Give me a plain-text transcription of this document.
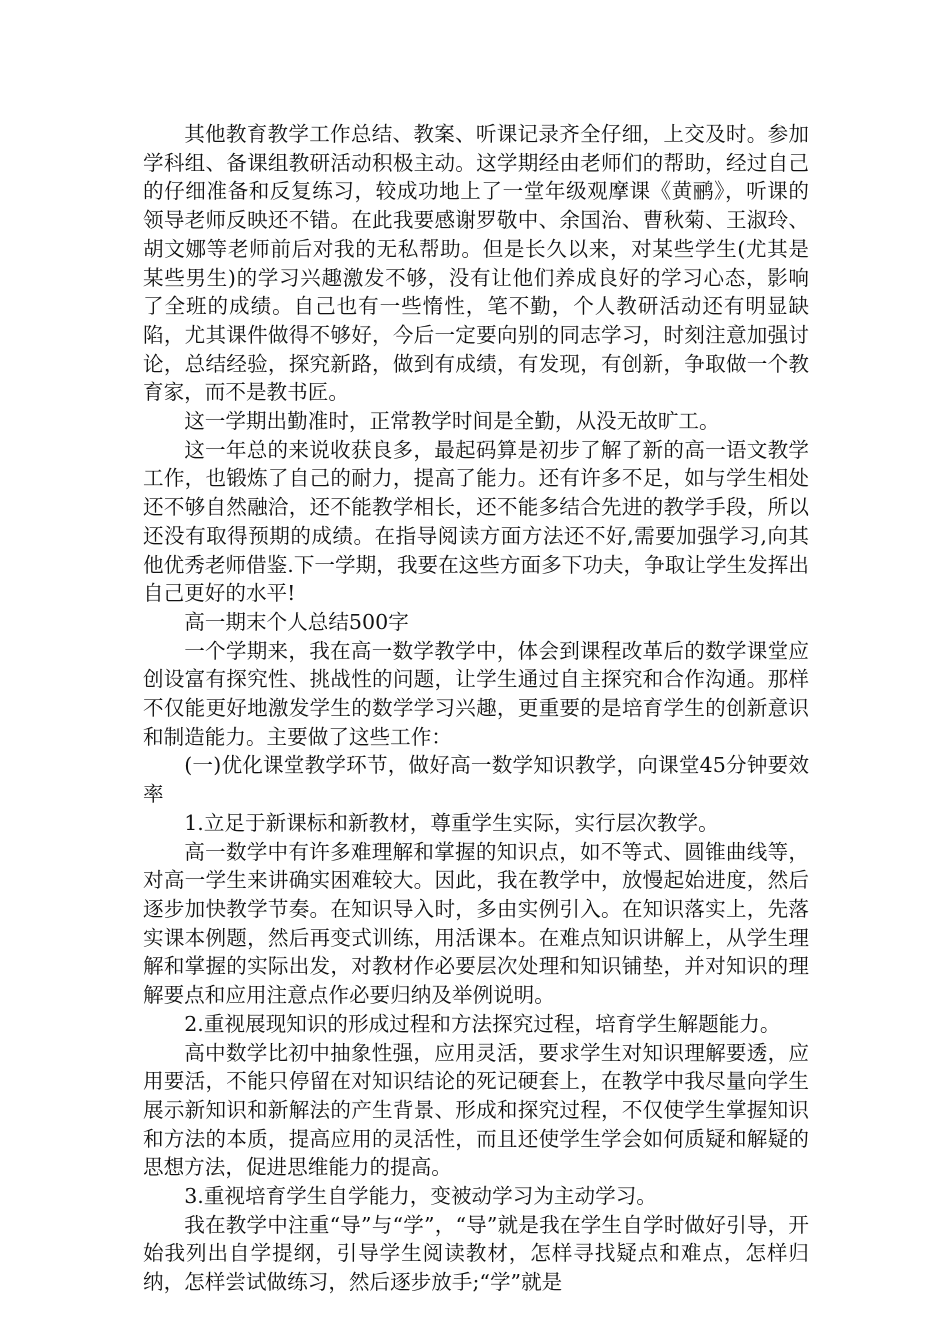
其他教育教学工作总结、教案、听课记录齐全仔细，上交及时。参加学科组、备课组教研活动积极主动。这学期经由老师们的帮助，经过自己的仔细准备和反复练习，较成功地上了一堂年级观摩课《黄鹂》，听课的领导老师反映还不错。在此我要感谢罗敬中、余国治、曹秋菊、王淑玲、胡文娜等老师前后对我的无私帮助。但是长久以来，对某些学生(尤其是某些男生)的学习兴趣激发不够，没有让他们养成良好的学习心态，影响了全班的成绩。自己也有一些惰性，笔不勤，个人教研活动还有明显缺陷，尤其课件做得不够好，今后一定要向别的同志学习，时刻注意加强讨论，总结经验，探究新路，做到有成绩，有发现，有创新，争取做一个教育家，而不是教书匠。

这一学期出勤准时，正常教学时间是全勤，从没无故旷工。

这一年总的来说收获良多，最起码算是初步了解了新的高一语文教学工作，也锻炼了自己的耐力，提高了能力。还有许多不足，如与学生相处还不够自然融洽，还不能教学相长，还不能多结合先进的教学手段，所以还没有取得预期的成绩。在指导阅读方面方法还不好,需要加强学习,向其他优秀老师借鉴.下一学期，我要在这些方面多下功夫，争取让学生发挥出自己更好的水平!

高一期末个人总结500字

一个学期来，我在高一数学教学中，体会到课程改革后的数学课堂应创设富有探究性、挑战性的问题，让学生通过自主探究和合作沟通。那样不仅能更好地激发学生的数学学习兴趣，更重要的是培育学生的创新意识和制造能力。主要做了这些工作：

(一)优化课堂教学环节，做好高一数学知识教学，向课堂45分钟要效率

1.立足于新课标和新教材，尊重学生实际，实行层次教学。

高一数学中有许多难理解和掌握的知识点，如不等式、圆锥曲线等，对高一学生来讲确实困难较大。因此，我在教学中，放慢起始进度，然后逐步加快教学节奏。在知识导入时，多由实例引入。在知识落实上，先落实课本例题，然后再变式训练，用活课本。在难点知识讲解上，从学生理解和掌握的实际出发，对教材作必要层次处理和知识铺垫，并对知识的理解要点和应用注意点作必要归纳及举例说明。

2.重视展现知识的形成过程和方法探究过程，培育学生解题能力。

高中数学比初中抽象性强，应用灵活，要求学生对知识理解要透，应用要活，不能只停留在对知识结论的死记硬套上，在教学中我尽量向学生展示新知识和新解法的产生背景、形成和探究过程，不仅使学生掌握知识和方法的本质，提高应用的灵活性，而且还使学生学会如何质疑和解疑的思想方法，促进思维能力的提高。

3.重视培育学生自学能力，变被动学习为主动学习。

我在教学中注重“导”与“学”，“导”就是我在学生自学时做好引导，开始我列出自学提纲，引导学生阅读教材，怎样寻找疑点和难点，怎样归纳，怎样尝试做练习，然后逐步放手;“学”就是
